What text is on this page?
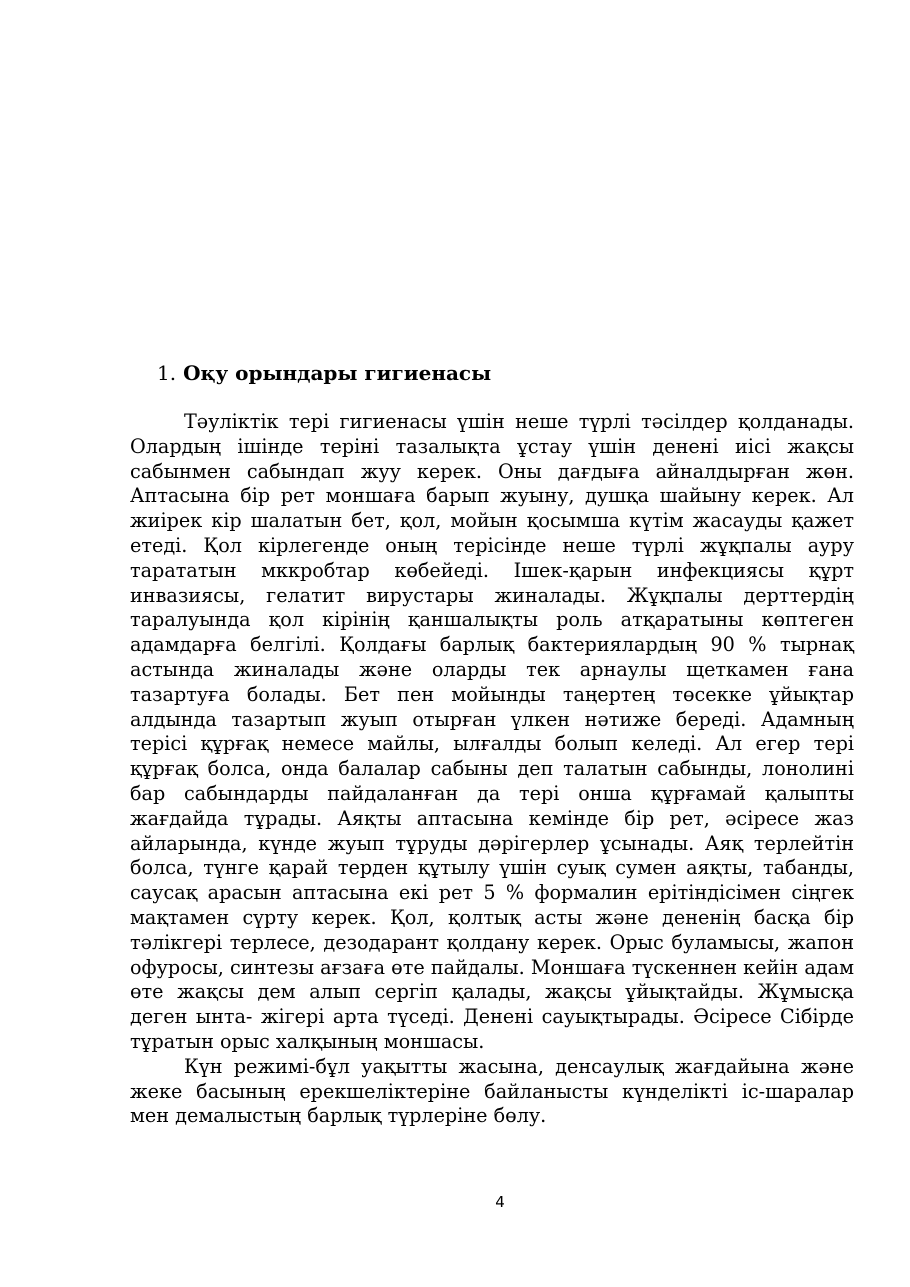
1. Оқу орындары гигиенасы

Тәуліктік тері гигиенасы үшін неше түрлі тәсілдер қолданады. Олардың ішінде теріні тазалықта ұстау үшін денені иісі жақсы сабынмен сабындап жуу керек. Оны дағдыға айналдырған жөн. Аптасына бір рет моншаға барып жуыну, душқа шайыну керек. Ал жиірек кір шалатын бет, қол, мойын қосымша күтім жасауды қажет етеді. Қол кірлегенде оның терісінде неше түрлі жұқпалы ауру тарататын мккробтар көбейеді. Ішек-қарын инфекциясы құрт инвазиясы, гелатит вирустары жиналады. Жұқпалы дерттердің таралуында қол кірінің қаншалықты роль атқаратыны көптеген адамдарға белгілі. Қолдағы барлық бактериялардың 90 % тырнақ астында жиналады және оларды тек арнаулы щеткамен ғана тазартуға болады. Бет пен мойынды таңертең төсекке ұйықтар алдында тазартып жуып отырған үлкен нәтиже береді. Адамның терісі құрғақ немесе майлы, ылғалды болып келеді. Ал егер тері құрғақ болса, онда балалар сабыны деп талатын сабынды, лонолині бар сабындарды пайдаланған да тері онша құрғамай қалыпты жағдайда тұрады. Аяқты аптасына кемінде бір рет, әсіресе жаз айларында, күнде жуып тұруды дәрігерлер ұсынады. Аяқ терлейтін болса, түнге қарай терден құтылу үшін суық сумен аяқты, табанды, саусақ арасын аптасына екі рет 5 % формалин ерітіндісімен сіңгек мақтамен сүрту керек. Қол, қолтық асты және дененің басқа бір тәлікгері терлесе, дезодарант қолдану керек. Орыс буламысы, жапон офуросы, синтезы ағзаға өте пайдалы. Моншаға түскеннен кейін адам өте жақсы дем алып сергіп қалады, жақсы ұйықтайды. Жұмысқа деген ынта- жігері арта түседі. Денені сауықтырады. Әсіресе Сібірде тұратын орыс халқының моншасы.

Күн режимі-бұл уақытты жасына, денсаулық жағдайына және жеке басының ерекшеліктеріне байланысты күнделікті іс-шаралар мен демалыстың барлық түрлеріне бөлу.

4
